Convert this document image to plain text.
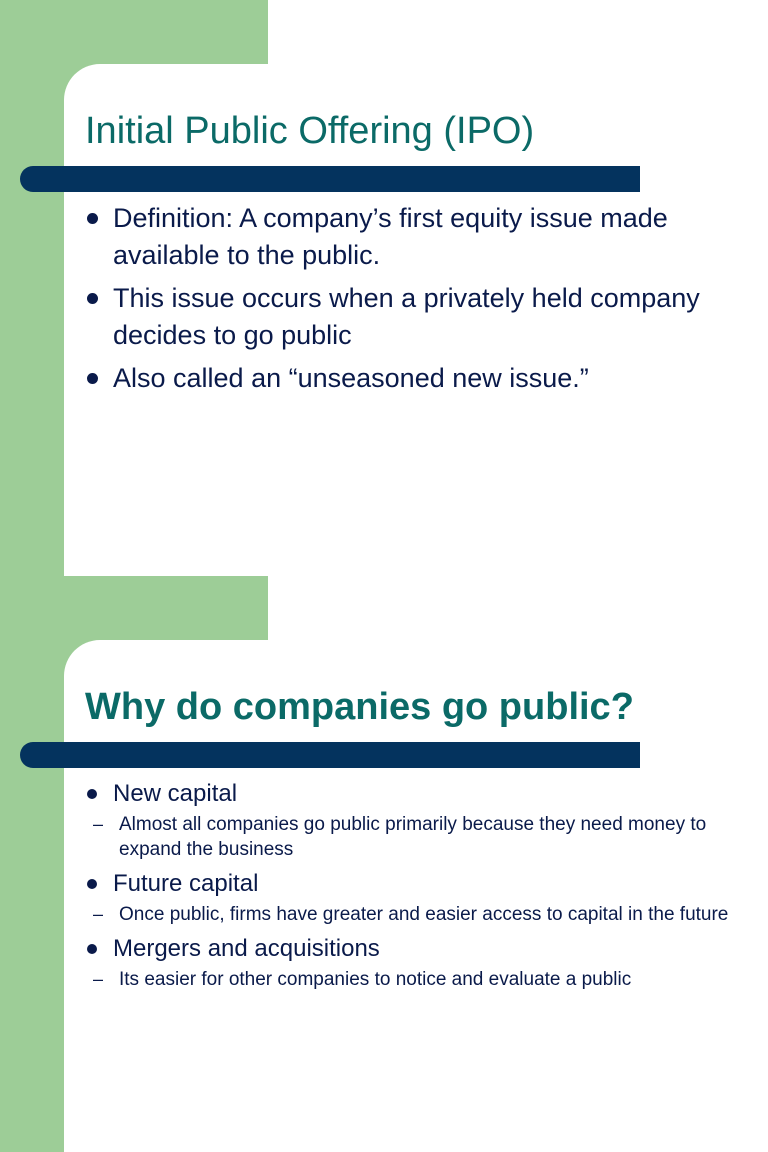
Initial Public Offering (IPO)
Definition: A company’s first equity issue made available to the public.
This issue occurs when a privately held company decides to go public
Also called an “unseasoned new issue.”
Why do companies go public?
New capital
– Almost all companies go public primarily because they need money to expand the business
Future capital
– Once public, firms have greater and easier access to capital in the future
Mergers and acquisitions
– Its easier for other companies to notice and evaluate a public
